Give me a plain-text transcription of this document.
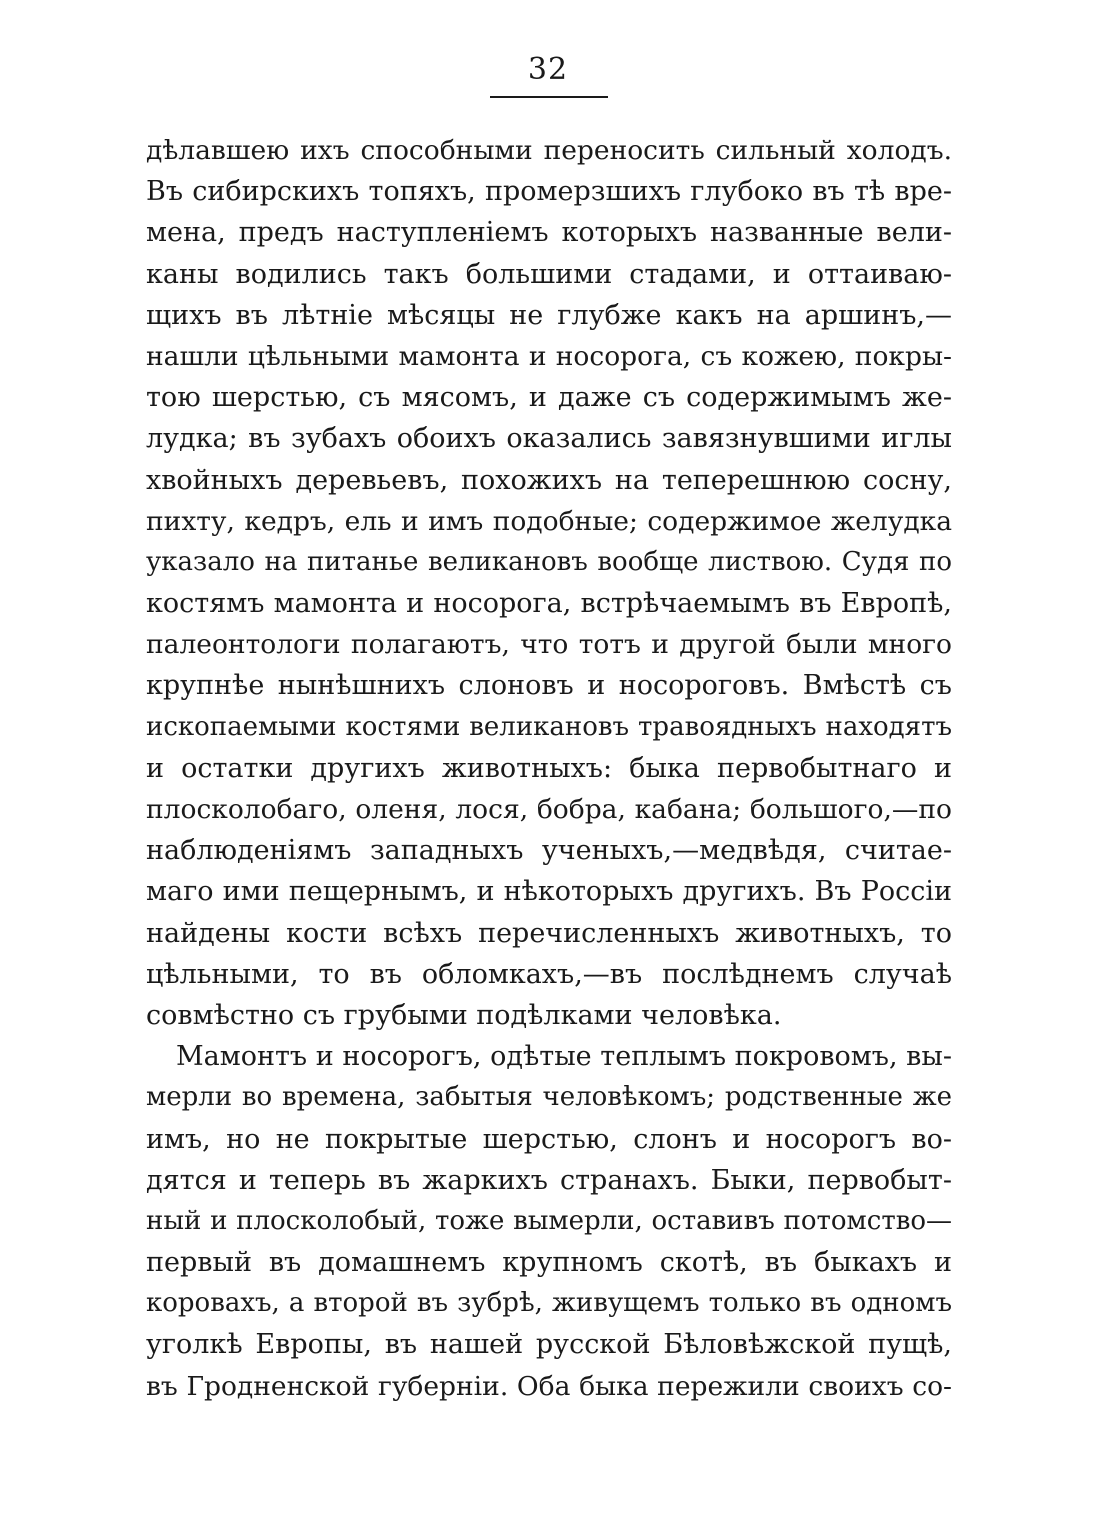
32
дѣлавшею ихъ способными переносить сильный холодъ.
Въ сибирскихъ топяхъ, промерзшихъ глубоко въ тѣ вре-
мена, предъ наступленіемъ которыхъ названные вели-
каны водились такъ большими стадами, и оттаиваю-
щихъ въ лѣтніе мѣсяцы не глубже какъ на аршинъ,—
нашли цѣльными мамонта и носорога, съ кожею, покры-
тою шерстью, съ мясомъ, и даже съ содержимымъ же-
лудка; въ зубахъ обоихъ оказались завязнувшими иглы
хвойныхъ деревьевъ, похожихъ на теперешнюю сосну,
пихту, кедръ, ель и имъ подобные; содержимое желудка
указало на питанье великановъ вообще листвою. Судя по
костямъ мамонта и носорога, встрѣчаемымъ въ Европѣ,
палеонтологи полагаютъ, что тотъ и другой были много
крупнѣе нынѣшнихъ слоновъ и носороговъ. Вмѣстѣ съ
ископаемыми костями великановъ травоядныхъ находятъ
и остатки другихъ животныхъ: быка первобытнаго и
плосколобаго, оленя, лося, бобра, кабана; большого,—по
наблюденіямъ западныхъ ученыхъ,—медвѣдя, считае-
маго ими пещернымъ, и нѣкоторыхъ другихъ. Въ Россіи
найдены кости всѣхъ перечисленныхъ животныхъ, то
цѣльными, то въ обломкахъ,—въ послѣднемъ случаѣ
совмѣстно съ грубыми подѣлками человѣка.
Мамонтъ и носорогъ, одѣтые теплымъ покровомъ, вы-
мерли во времена, забытыя человѣкомъ; родственные же
имъ, но не покрытые шерстью, слонъ и носорогъ во-
дятся и теперь въ жаркихъ странахъ. Быки, первобыт-
ный и плосколобый, тоже вымерли, оставивъ потомство—
первый въ домашнемъ крупномъ скотѣ, въ быкахъ и
коровахъ, а второй въ зубрѣ, живущемъ только въ одномъ
уголкѣ Европы, въ нашей русской Бѣловѣжской пущѣ,
въ Гродненской губерніи. Оба быка пережили своихъ со-
